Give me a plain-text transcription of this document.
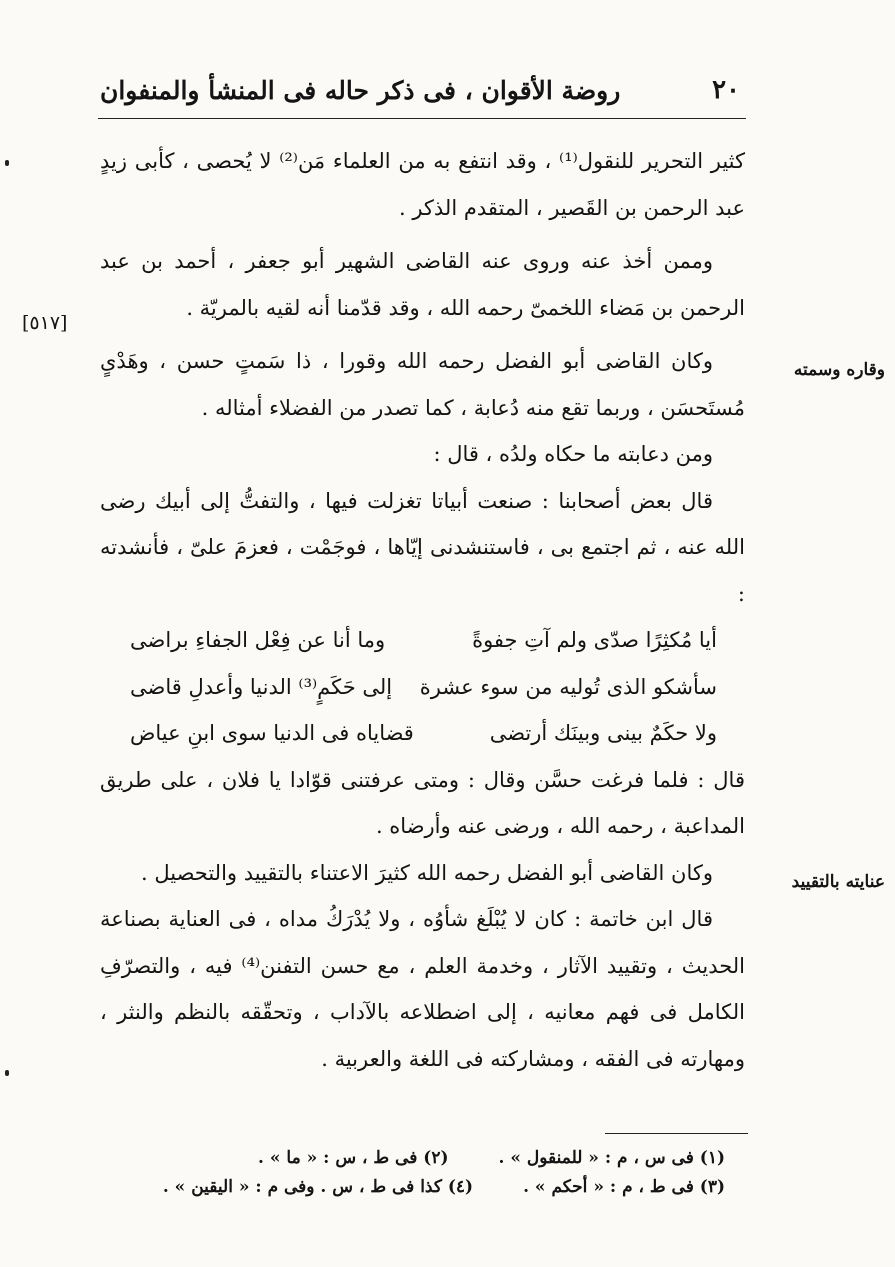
٢٠
روضة الأقوان ، فى ذكر حاله فى المنشأ والمنفوان
[٥١٧]
وقاره وسمته
عنايته بالتقييد

كثير التحرير للنقول⁽¹⁾ ، وقد انتفع به من العلماء مَن⁽²⁾ لا يُحصى ، كأبى زيدٍ عبد الرحمن بن القَصير ، المتقدم الذكر .

وممن أخذ عنه وروى عنه القاضى الشهير أبو جعفر ، أحمد بن عبد الرحمن بن مَضاء اللخمىّ رحمه الله ، وقد قدّمنا أنه لقيه بالمريّة .

وكان القاضى أبو الفضل رحمه الله وقورا ، ذا سَمتٍ حسن ، وهَدْىٍ مُستَحسَن ، وربما تقع منه دُعابة ، كما تصدر من الفضلاء أمثاله .

ومن دعابته ما حكاه ولدُه ، قال :

قال بعض أصحابنا : صنعت أبياتا تغزلت فيها ، والتفتُّ إلى أبيك رضى الله عنه ، ثم اجتمع بى ، فاستنشدنى إيّاها ، فوجَمْت ، فعزمَ علىّ ، فأنشدته :

أيا مُكثِرًا صدّى ولم آتِ جفوةً
وما أنا عن فِعْل الجفاءِ براضى
سأشكو الذى تُوليه من سوء عشرة
إلى حَكَمٍ⁽³⁾ الدنيا وأعدلِ قاضى
ولا حكَمٌ بينى وبينَك أرتضى
قضاياه فى الدنيا سوى ابنِ عياض

قال : فلما فرغت حسَّن وقال : ومتى عرفتنى قوّادا يا فلان ، على طريق المداعبة ، رحمه الله ، ورضى عنه وأرضاه .

وكان القاضى أبو الفضل رحمه الله كثيرَ الاعتناء بالتقييد والتحصيل .

قال ابن خاتمة : كان لا يُبْلَغ شأوُه ، ولا يُدْرَكُ مداه ، فى العناية بصناعة الحديث ، وتقييد الآثار ، وخدمة العلم ، مع حسن التفنن⁽⁴⁾ فيه ، والتصرّفِ الكامل فى فهم معانيه ، إلى اضطلاعه بالآداب ، وتحقّقه بالنظم والنثر ، ومهارته فى الفقه ، ومشاركته فى اللغة والعربية .

(١) فى س ، م : « للمنقول » .
(٢) فى ط ، س : « ما » .
(٣) فى ط ، م : « أحكم » .
(٤) كذا فى ط ، س . وفى م : « اليقين » .
